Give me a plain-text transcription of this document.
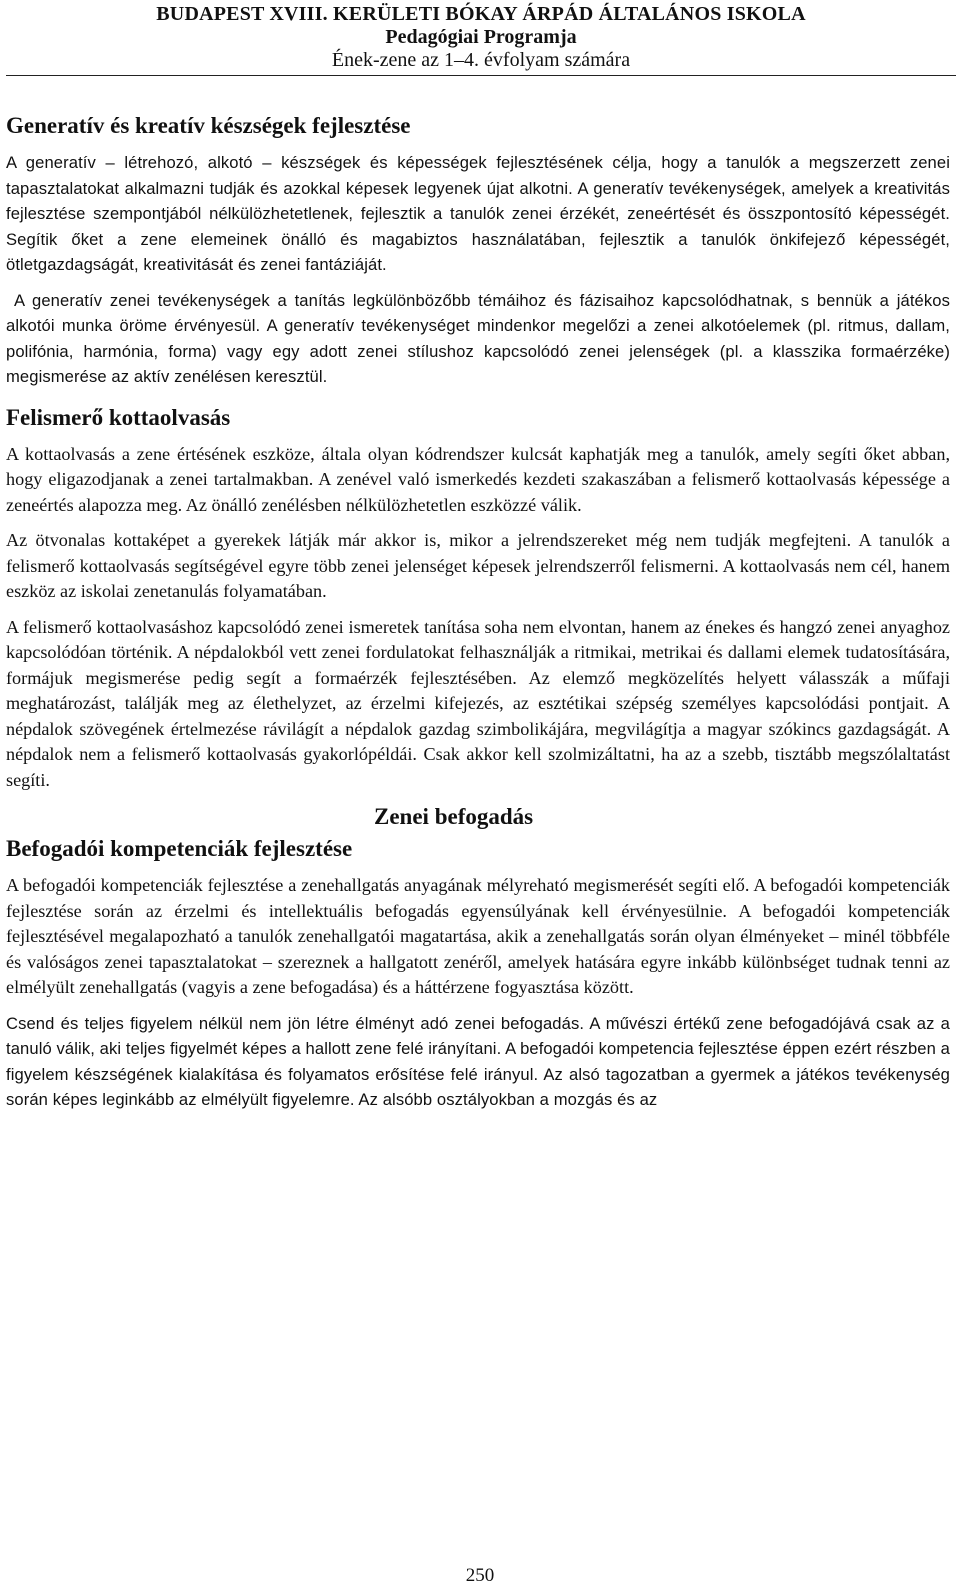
BUDAPEST XVIII. KERÜLETI BÓKAY ÁRPÁD ÁLTALÁNOS ISKOLA
Pedagógiai Programja
Ének-zene az 1–4. évfolyam számára
Generatív és kreatív készségek fejlesztése

A generatív – létrehozó, alkotó – készségek és képességek fejlesztésének célja, hogy a tanulók a megszerzett zenei tapasztalatokat alkalmazni tudják és azokkal képesek legyenek újat alkotni. A generatív tevékenységek, amelyek a kreativitás fejlesztése szempontjából nélkülözhetetlenek, fejlesztik a tanulók zenei érzékét, zeneértését és összpontosító képességét. Segítik őket a zene elemeinek önálló és magabiztos használatában, fejlesztik a tanulók önkifejező képességét, ötletgazdagságát, kreativitását és zenei fantáziáját.

A generatív zenei tevékenységek a tanítás legkülönbözőbb témáihoz és fázisaihoz kapcsolódhatnak, s bennük a játékos alkotói munka öröme érvényesül. A generatív tevékenységet mindenkor megelőzi a zenei alkotóelemek (pl. ritmus, dallam, polifónia, harmónia, forma) vagy egy adott zenei stílushoz kapcsolódó zenei jelenségek (pl. a klasszika formaérzéke) megismerése az aktív zenélésen keresztül.

Felismerő kottaolvasás

A kottaolvasás a zene értésének eszköze, általa olyan kódrendszer kulcsát kaphatják meg a tanulók, amely segíti őket abban, hogy eligazodjanak a zenei tartalmakban. A zenével való ismerkedés kezdeti szakaszában a felismerő kottaolvasás képessége a zeneértés alapozza meg. Az önálló zenélésben nélkülözhetetlen eszközzé válik.

Az ötvonalas kottaképet a gyerekek látják már akkor is, mikor a jelrendszereket még nem tudják megfejteni. A tanulók a felismerő kottaolvasás segítségével egyre több zenei jelenséget képesek jelrendszerről felismerni. A kottaolvasás nem cél, hanem eszköz az iskolai zenetanulás folyamatában.

A felismerő kottaolvasáshoz kapcsolódó zenei ismeretek tanítása soha nem elvontan, hanem az énekes és hangzó zenei anyaghoz kapcsolódóan történik. A népdalokból vett zenei fordulatokat felhasználják a ritmikai, metrikai és dallami elemek tudatosítására, formájuk megismerése pedig segít a formaérzék fejlesztésében. Az elemző megközelítés helyett válasszák a műfaji meghatározást, találják meg az élethelyzet, az érzelmi kifejezés, az esztétikai szépség személyes kapcsolódási pontjait. A népdalok szövegének értelmezése rávilágít a népdalok gazdag szimbolikájára, megvilágítja a magyar szókincs gazdagságát. A népdalok nem a felismerő kottaolvasás gyakorlópéldái. Csak akkor kell szolmizáltatni, ha az a szebb, tisztább megszólaltatást segíti.

Zenei befogadás
Befogadói kompetenciák fejlesztése

A befogadói kompetenciák fejlesztése a zenehallgatás anyagának mélyreható megismerését segíti elő. A befogadói kompetenciák fejlesztése során az érzelmi és intellektuális befogadás egyensúlyának kell érvényesülnie. A befogadói kompetenciák fejlesztésével megalapozható a tanulók zenehallgatói magatartása, akik a zenehallgatás során olyan élményeket – minél többféle és valóságos zenei tapasztalatokat – szereznek a hallgatott zenéről, amelyek hatására egyre inkább különbséget tudnak tenni az elmélyült zenehallgatás (vagyis a zene befogadása) és a háttérzene fogyasztása között.

Csend és teljes figyelem nélkül nem jön létre élményt adó zenei befogadás. A művészi értékű zene befogadójává csak az a tanuló válik, aki teljes figyelmét képes a hallott zene felé irányítani. A befogadói kompetencia fejlesztése éppen ezért részben a figyelem készségének kialakítása és folyamatos erősítése felé irányul. Az alsó tagozatban a gyermek a játékos tevékenység során képes leginkább az elmélyült figyelemre. Az alsóbb osztályokban a mozgás és az

250
